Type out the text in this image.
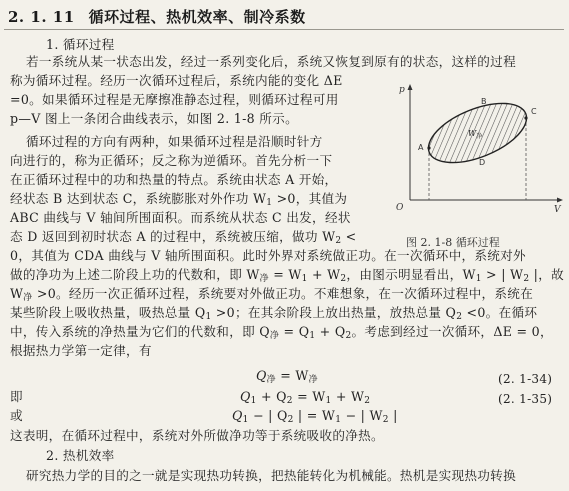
2. 1. 11 循环过程、热机效率、制冷系数
1. 循环过程
若一系统从某一状态出发，经过一系列变化后，系统又恢复到原有的状态，这样的过程
称为循环过程。经历一次循环过程后，系统内能的变化 ΔE
=0。如果循环过程是无摩擦准静态过程，则循环过程可用
p—V 图上一条闭合曲线表示，如图 2. 1-8 所示。
循环过程的方向有两种，如果循环过程是沿顺时针方
向进行的，称为正循环；反之称为逆循环。首先分析一下
在正循环过程中的功和热量的特点。系统由状态 A 开始，
经状态 B 达到状态 C，系统膨胀对外作功 $W_1 >0$，其值为
ABC 曲线与 V 轴间所围面积。而系统从状态 C 出发，经状
态 D 返回到初时状态 A 的过程中，系统被压缩，做功 $W_2$ <
0，其值为 CDA 曲线与 V 轴所围面积。此时外界对系统做正功。在一次循环中，系统对外
做的净功为上述二阶段上功的代数和，即 $W_净 = W_1 + W_2$，由图示明显看出，$W_1$ > | $W_2$ |，故
$W_净 >0$。经历一次正循环过程，系统要对外做正功。不难想象，在一次循环过程中，系统在
某些阶段上吸收热量，吸热总量 $Q_1 >0$；在其余阶段上放出热量，放热总量 $Q_2 <0$。在循环
中，传入系统的净热量为它们的代数和，即 $Q_净 = Q_1 + Q_2$。考虑到经过一次循环，ΔE = 0，
根据热力学第一定律，有
$Q_净 = W_净$	(2. 1-34)
即	$Q_1 + Q_2 = W_1 + W_2$	(2. 1-35)
或	$Q_1$ − | $Q_2$ | = $W_1$ − | $W_2$ |
这表明，在循环过程中，系统对外所做净功等于系统吸收的净热。
2. 热机效率
研究热力学的目的之一就是实现热功转换，把热能转化为机械能。热机是实现热功转换
p
V
O
A
B
C
D
$W_净$
图 2. 1-8 循环过程
